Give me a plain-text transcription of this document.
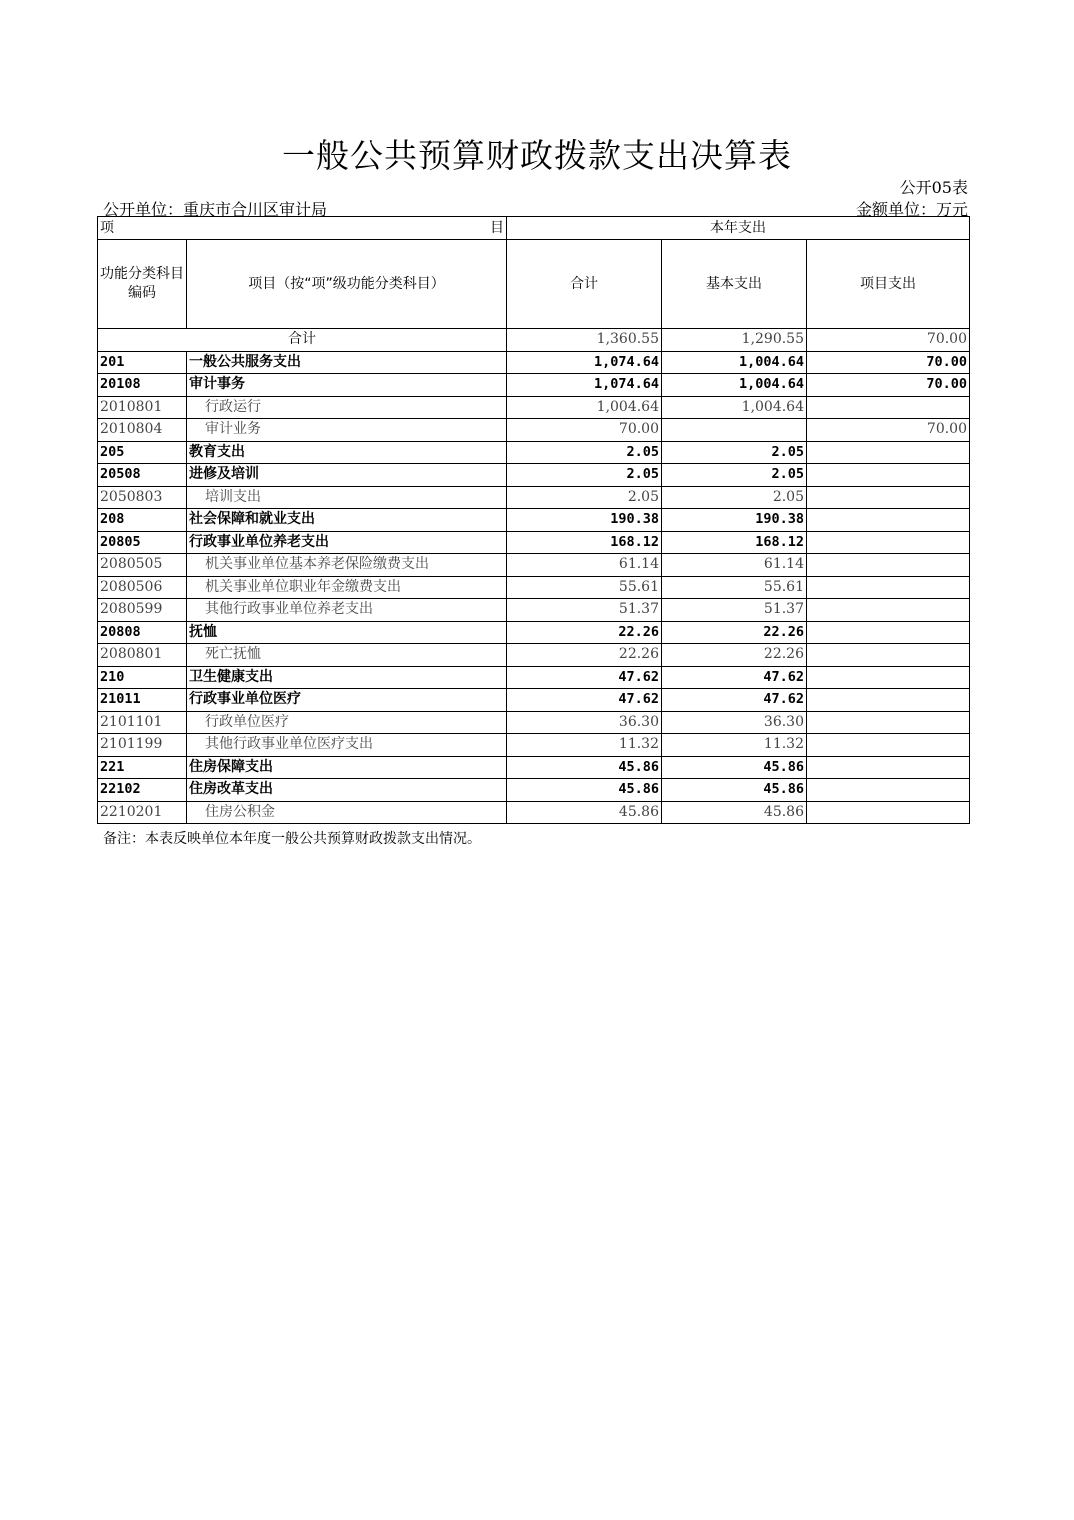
一般公共预算财政拨款支出决算表
公开05表
公开单位：重庆市合川区审计局	金额单位：万元
项 目		本年支出		
功能分类科目编码	项目（按“项”级功能分类科目）	合计	基本支出	项目支出
合计		1,360.55	1,290.55	70.00
201	一般公共服务支出	1,074.64	1,004.64	70.00
20108	审计事务	1,074.64	1,004.64	70.00
2010801	行政运行	1,004.64	1,004.64	
2010804	审计业务	70.00		70.00
205	教育支出	2.05	2.05	
20508	进修及培训	2.05	2.05	
2050803	培训支出	2.05	2.05	
208	社会保障和就业支出	190.38	190.38	
20805	行政事业单位养老支出	168.12	168.12	
2080505	机关事业单位基本养老保险缴费支出	61.14	61.14	
2080506	机关事业单位职业年金缴费支出	55.61	55.61	
2080599	其他行政事业单位养老支出	51.37	51.37	
20808	抚恤	22.26	22.26	
2080801	死亡抚恤	22.26	22.26	
210	卫生健康支出	47.62	47.62	
21011	行政事业单位医疗	47.62	47.62	
2101101	行政单位医疗	36.30	36.30	
2101199	其他行政事业单位医疗支出	11.32	11.32	
221	住房保障支出	45.86	45.86	
22102	住房改革支出	45.86	45.86	
2210201	住房公积金	45.86	45.86	
备注：本表反映单位本年度一般公共预算财政拨款支出情况。
